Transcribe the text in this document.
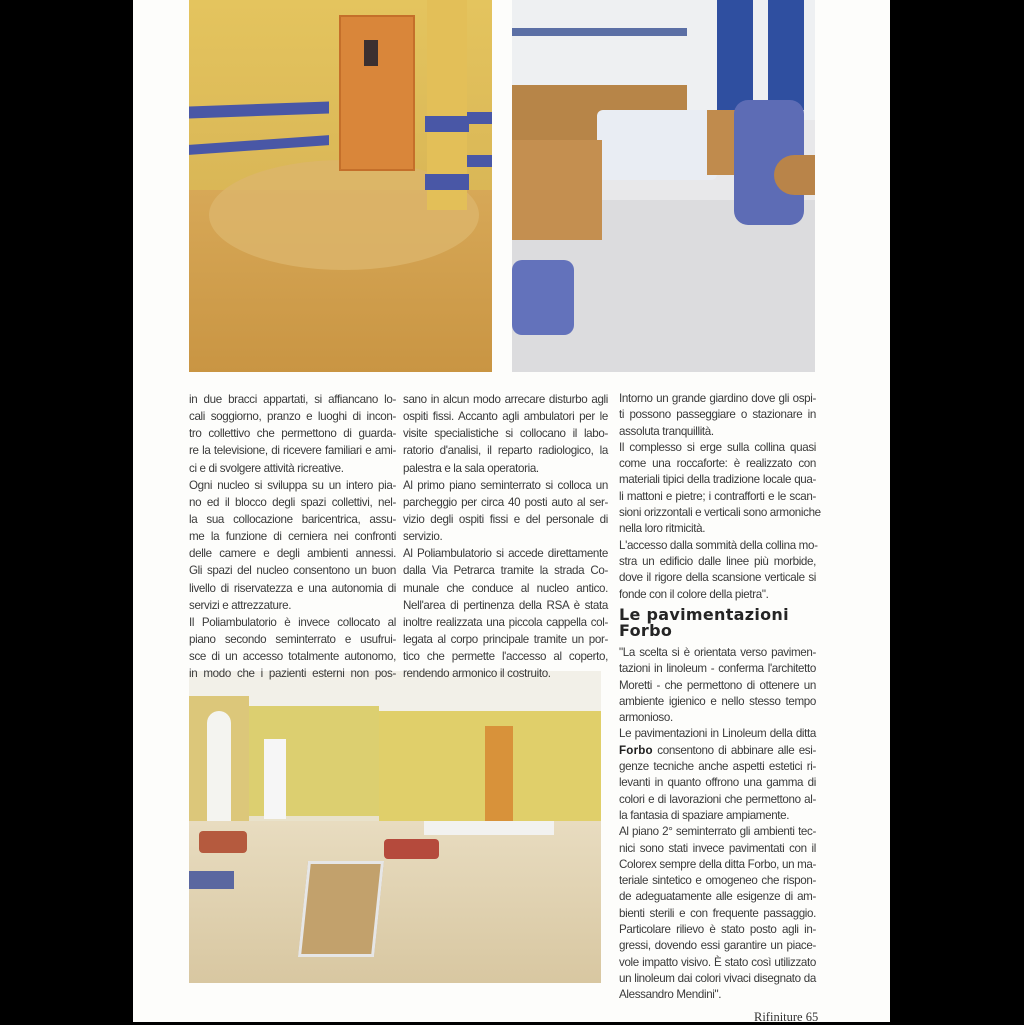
in due bracci appartati, si affiancano lo-
cali soggiorno, pranzo e luoghi di incon-
tro collettivo che permettono di guarda-
re la televisione, di ricevere familiari e ami-
ci e di svolgere attività ricreative.
Ogni nucleo si sviluppa su un intero pia-
no ed il blocco degli spazi collettivi, nel-
la sua collocazione baricentrica, assu-
me la funzione di cerniera nei confronti
delle camere e degli ambienti annessi.
Gli spazi del nucleo consentono un buon
livello di riservatezza e una autonomia di
servizi e attrezzature.
Il Poliambulatorio è invece collocato al
piano secondo seminterrato e usufrui-
sce di un accesso totalmente autonomo,
in modo che i pazienti esterni non pos-
sano in alcun modo arrecare disturbo agli
ospiti fissi. Accanto agli ambulatori per le
visite specialistiche si collocano il labo-
ratorio d'analisi, il reparto radiologico, la
palestra e la sala operatoria.
Al primo piano seminterrato si colloca un
parcheggio per circa 40 posti auto al ser-
vizio degli ospiti fissi e del personale di
servizio.
Al Poliambulatorio si accede direttamente
dalla Via Petrarca tramite la strada Co-
munale che conduce al nucleo antico.
Nell'area di pertinenza della RSA è stata
inoltre realizzata una piccola cappella col-
legata al corpo principale tramite un por-
tico che permette l'accesso al coperto,
rendendo armonico il costruito.
Intorno un grande giardino dove gli ospi-
ti possono passeggiare o stazionare in
assoluta tranquillità.
Il complesso si erge sulla collina quasi
come una roccaforte: è realizzato con
materiali tipici della tradizione locale qua-
li mattoni e pietre; i contrafforti e le scan-
sioni orizzontali e verticali sono armoniche
nella loro ritmicità.
L'accesso dalla sommità della collina mo-
stra un edificio dalle linee più morbide,
dove il rigore della scansione verticale si
fonde con il colore della pietra".
"La scelta si è orientata verso pavimen-
tazioni in linoleum - conferma l'architetto
Moretti - che permettono di ottenere un
ambiente igienico e nello stesso tempo
armonioso.
Le pavimentazioni in Linoleum della ditta
Forbo consentono di abbinare alle esi-
genze tecniche anche aspetti estetici ri-
levanti in quanto offrono una gamma di
colori e di lavorazioni che permettono al-
la fantasia di spaziare ampiamente.
Al piano 2° seminterrato gli ambienti tec-
nici sono stati invece pavimentati con il
Colorex sempre della ditta Forbo, un ma-
teriale sintetico e omogeneo che rispon-
de adeguatamente alle esigenze di am-
bienti sterili e con frequente passaggio.
Particolare rilievo è stato posto agli in-
gressi, dovendo essi garantire un piace-
vole impatto visivo. È stato così utilizzato
un linoleum dai colori vivaci disegnato da
Alessandro Mendini".
Le pavimentazioni
Forbo
Rifiniture 65
